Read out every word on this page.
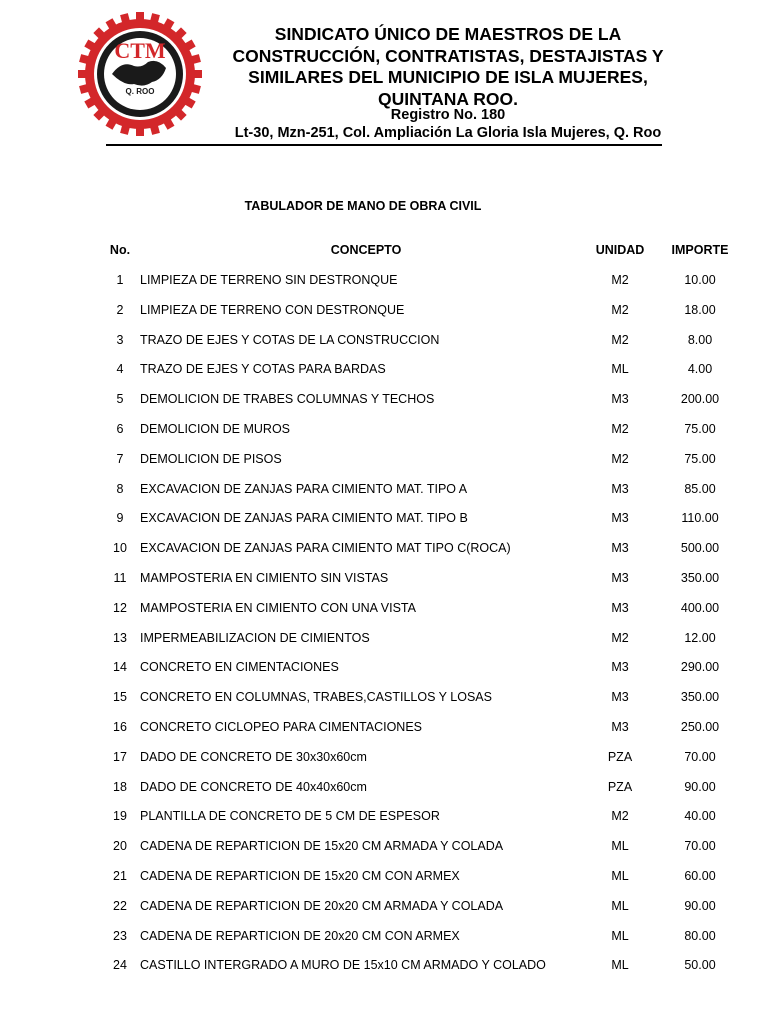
CTM
Q. ROO
SINDICATO ÚNICO DE MAESTROS DE LA
CONSTRUCCIÓN, CONTRATISTAS, DESTAJISTAS Y
SIMILARES DEL MUNICIPIO DE ISLA MUJERES,
QUINTANA ROO.
Registro No. 180
Lt-30, Mzn-251, Col. Ampliación La Gloria Isla Mujeres, Q. Roo
TABULADOR DE MANO DE OBRA CIVIL
No.	CONCEPTO	UNIDAD	IMPORTE
1	LIMPIEZA DE TERRENO SIN DESTRONQUE	M2	10.00
2	LIMPIEZA DE TERRENO CON DESTRONQUE	M2	18.00
3	TRAZO DE EJES Y COTAS DE LA CONSTRUCCION	M2	8.00
4	TRAZO DE EJES Y COTAS PARA BARDAS	ML	4.00
5	DEMOLICION DE TRABES COLUMNAS Y TECHOS	M3	200.00
6	DEMOLICION DE MUROS	M2	75.00
7	DEMOLICION DE PISOS	M2	75.00
8	EXCAVACION DE ZANJAS PARA CIMIENTO MAT. TIPO A	M3	85.00
9	EXCAVACION DE ZANJAS PARA CIMIENTO MAT. TIPO B	M3	110.00
10	EXCAVACION DE ZANJAS PARA CIMIENTO MAT TIPO C(ROCA)	M3	500.00
11	MAMPOSTERIA EN CIMIENTO SIN VISTAS	M3	350.00
12	MAMPOSTERIA EN CIMIENTO CON UNA VISTA	M3	400.00
13	IMPERMEABILIZACION DE CIMIENTOS	M2	12.00
14	CONCRETO EN CIMENTACIONES	M3	290.00
15	CONCRETO EN COLUMNAS, TRABES,CASTILLOS Y LOSAS	M3	350.00
16	CONCRETO CICLOPEO PARA CIMENTACIONES	M3	250.00
17	DADO DE CONCRETO DE 30x30x60cm	PZA	70.00
18	DADO DE CONCRETO DE 40x40x60cm	PZA	90.00
19	PLANTILLA DE CONCRETO DE 5 CM DE ESPESOR	M2	40.00
20	CADENA DE REPARTICION DE 15x20 CM ARMADA Y COLADA	ML	70.00
21	CADENA DE REPARTICION DE 15x20 CM CON ARMEX	ML	60.00
22	CADENA DE REPARTICION DE 20x20 CM ARMADA Y COLADA	ML	90.00
23	CADENA DE REPARTICION DE 20x20 CM CON ARMEX	ML	80.00
24	CASTILLO INTERGRADO A MURO DE 15x10 CM ARMADO Y COLADO	ML	50.00
